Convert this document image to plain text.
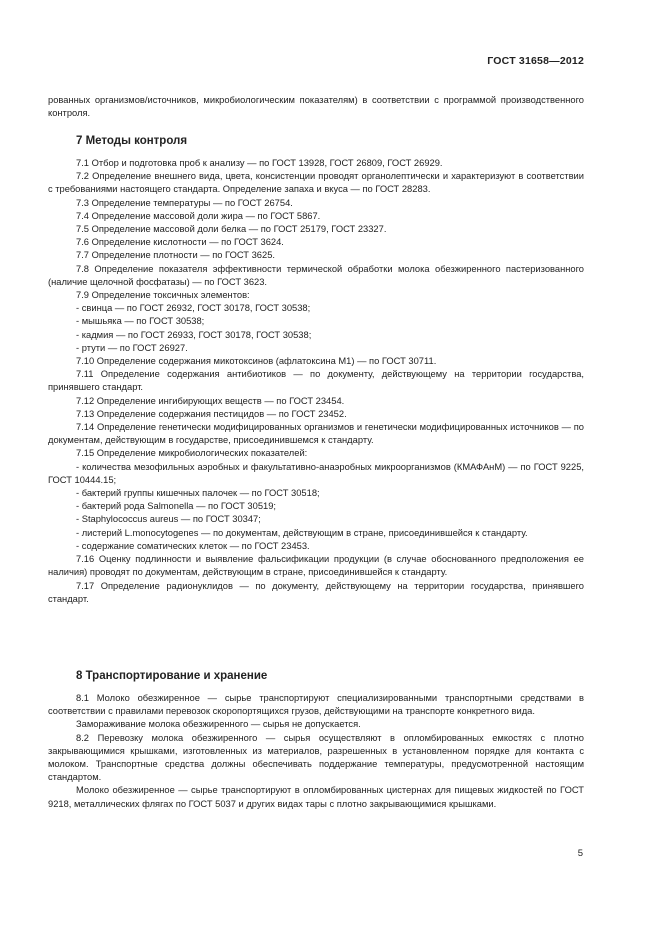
ГОСТ 31658—2012

рованных организмов/источников, микробиологическим показателям) в соответствии с программой производственного контроля.

7 Методы контроля

7.1 Отбор и подготовка проб к анализу — по ГОСТ 13928, ГОСТ 26809, ГОСТ 26929.

7.2 Определение внешнего вида, цвета, консистенции проводят органолептически и характеризуют в соответствии с требованиями настоящего стандарта. Определение запаха и вкуса — по ГОСТ 28283.

7.3 Определение температуры — по ГОСТ 26754.

7.4 Определение массовой доли жира — по ГОСТ 5867.

7.5 Определение массовой доли белка — по ГОСТ 25179, ГОСТ 23327.

7.6 Определение кислотности — по ГОСТ 3624.

7.7 Определение плотности — по ГОСТ 3625.

7.8 Определение показателя эффективности термической обработки молока обезжиренного пастеризованного (наличие щелочной фосфатазы) — по ГОСТ 3623.

7.9 Определение токсичных элементов:

- свинца — по ГОСТ 26932, ГОСТ 30178, ГОСТ 30538;

- мышьяка — по ГОСТ 30538;

- кадмия — по ГОСТ 26933, ГОСТ 30178, ГОСТ 30538;

- ртути — по ГОСТ 26927.

7.10 Определение содержания микотоксинов (афлатоксина М1) — по ГОСТ 30711.

7.11 Определение содержания антибиотиков — по документу, действующему на территории государства, принявшего стандарт.

7.12 Определение ингибирующих веществ — по ГОСТ 23454.

7.13 Определение содержания пестицидов — по ГОСТ 23452.

7.14 Определение генетически модифицированных организмов и генетически модифицированных источников — по документам, действующим в государстве, присоединившемся к стандарту.

7.15 Определение микробиологических показателей:

- количества мезофильных аэробных и факультативно-анаэробных микроорганизмов (КМАФАнМ) — по ГОСТ 9225, ГОСТ 10444.15;

- бактерий группы кишечных палочек — по ГОСТ 30518;

- бактерий рода Salmonella — по ГОСТ 30519;

- Staphylococcus aureus — по ГОСТ 30347;

- листерий L.monocytogenes — по документам, действующим в стране, присоединившейся к стандарту.

- содержание соматических клеток — по ГОСТ 23453.

7.16 Оценку подлинности и выявление фальсификации продукции (в случае обоснованного предположения ее наличия) проводят по документам, действующим в стране, присоединившейся к стандарту.

7.17 Определение радионуклидов — по документу, действующему на территории государства, принявшего стандарт.

8 Транспортирование и хранение

8.1 Молоко обезжиренное — сырье транспортируют специализированными транспортными средствами в соответствии с правилами перевозок скоропортящихся грузов, действующими на транспорте конкретного вида.

Замораживание молока обезжиренного — сырья не допускается.

8.2 Перевозку молока обезжиренного — сырья осуществляют в опломбированных емкостях с плотно закрывающимися крышками, изготовленных из материалов, разрешенных в установленном порядке для контакта с молоком. Транспортные средства должны обеспечивать поддержание температуры, предусмотренной настоящим стандартом.

Молоко обезжиренное — сырье транспортируют в опломбированных цистернах для пищевых жидкостей по ГОСТ 9218, металлических флягах по ГОСТ 5037 и других видах тары с плотно закрывающимися крышками.

5
